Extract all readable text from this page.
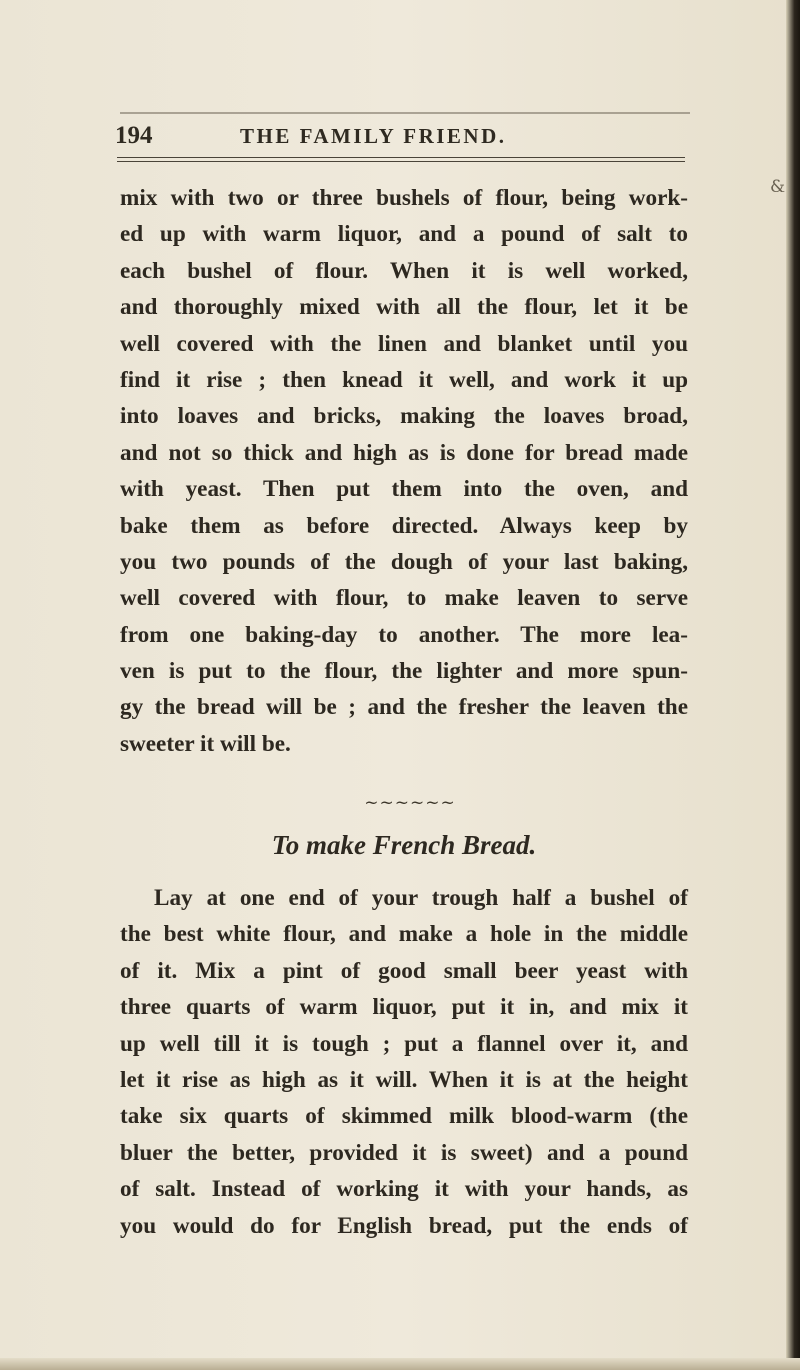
194	THE FAMILY FRIEND.
&
mix with two or three bushels of flour, being work-
ed up with warm liquor, and a pound of salt to
each bushel of flour. When it is well worked,
and thoroughly mixed with all the flour, let it be
well covered with the linen and blanket until you
find it rise ; then knead it well, and work it up
into loaves and bricks, making the loaves broad,
and not so thick and high as is done for bread made
with yeast. Then put them into the oven, and
bake them as before directed. Always keep by
you two pounds of the dough of your last baking,
well covered with flour, to make leaven to serve
from one baking-day to another. The more lea-
ven is put to the flour, the lighter and more spun-
gy the bread will be ; and the fresher the leaven the
sweeter it will be.
~~~~~~
To make French Bread.
Lay at one end of your trough half a bushel of
the best white flour, and make a hole in the middle
of it. Mix a pint of good small beer yeast with
three quarts of warm liquor, put it in, and mix it
up well till it is tough ; put a flannel over it, and
let it rise as high as it will. When it is at the height
take six quarts of skimmed milk blood-warm (the
bluer the better, provided it is sweet) and a pound
of salt. Instead of working it with your hands, as
you would do for English bread, put the ends of
